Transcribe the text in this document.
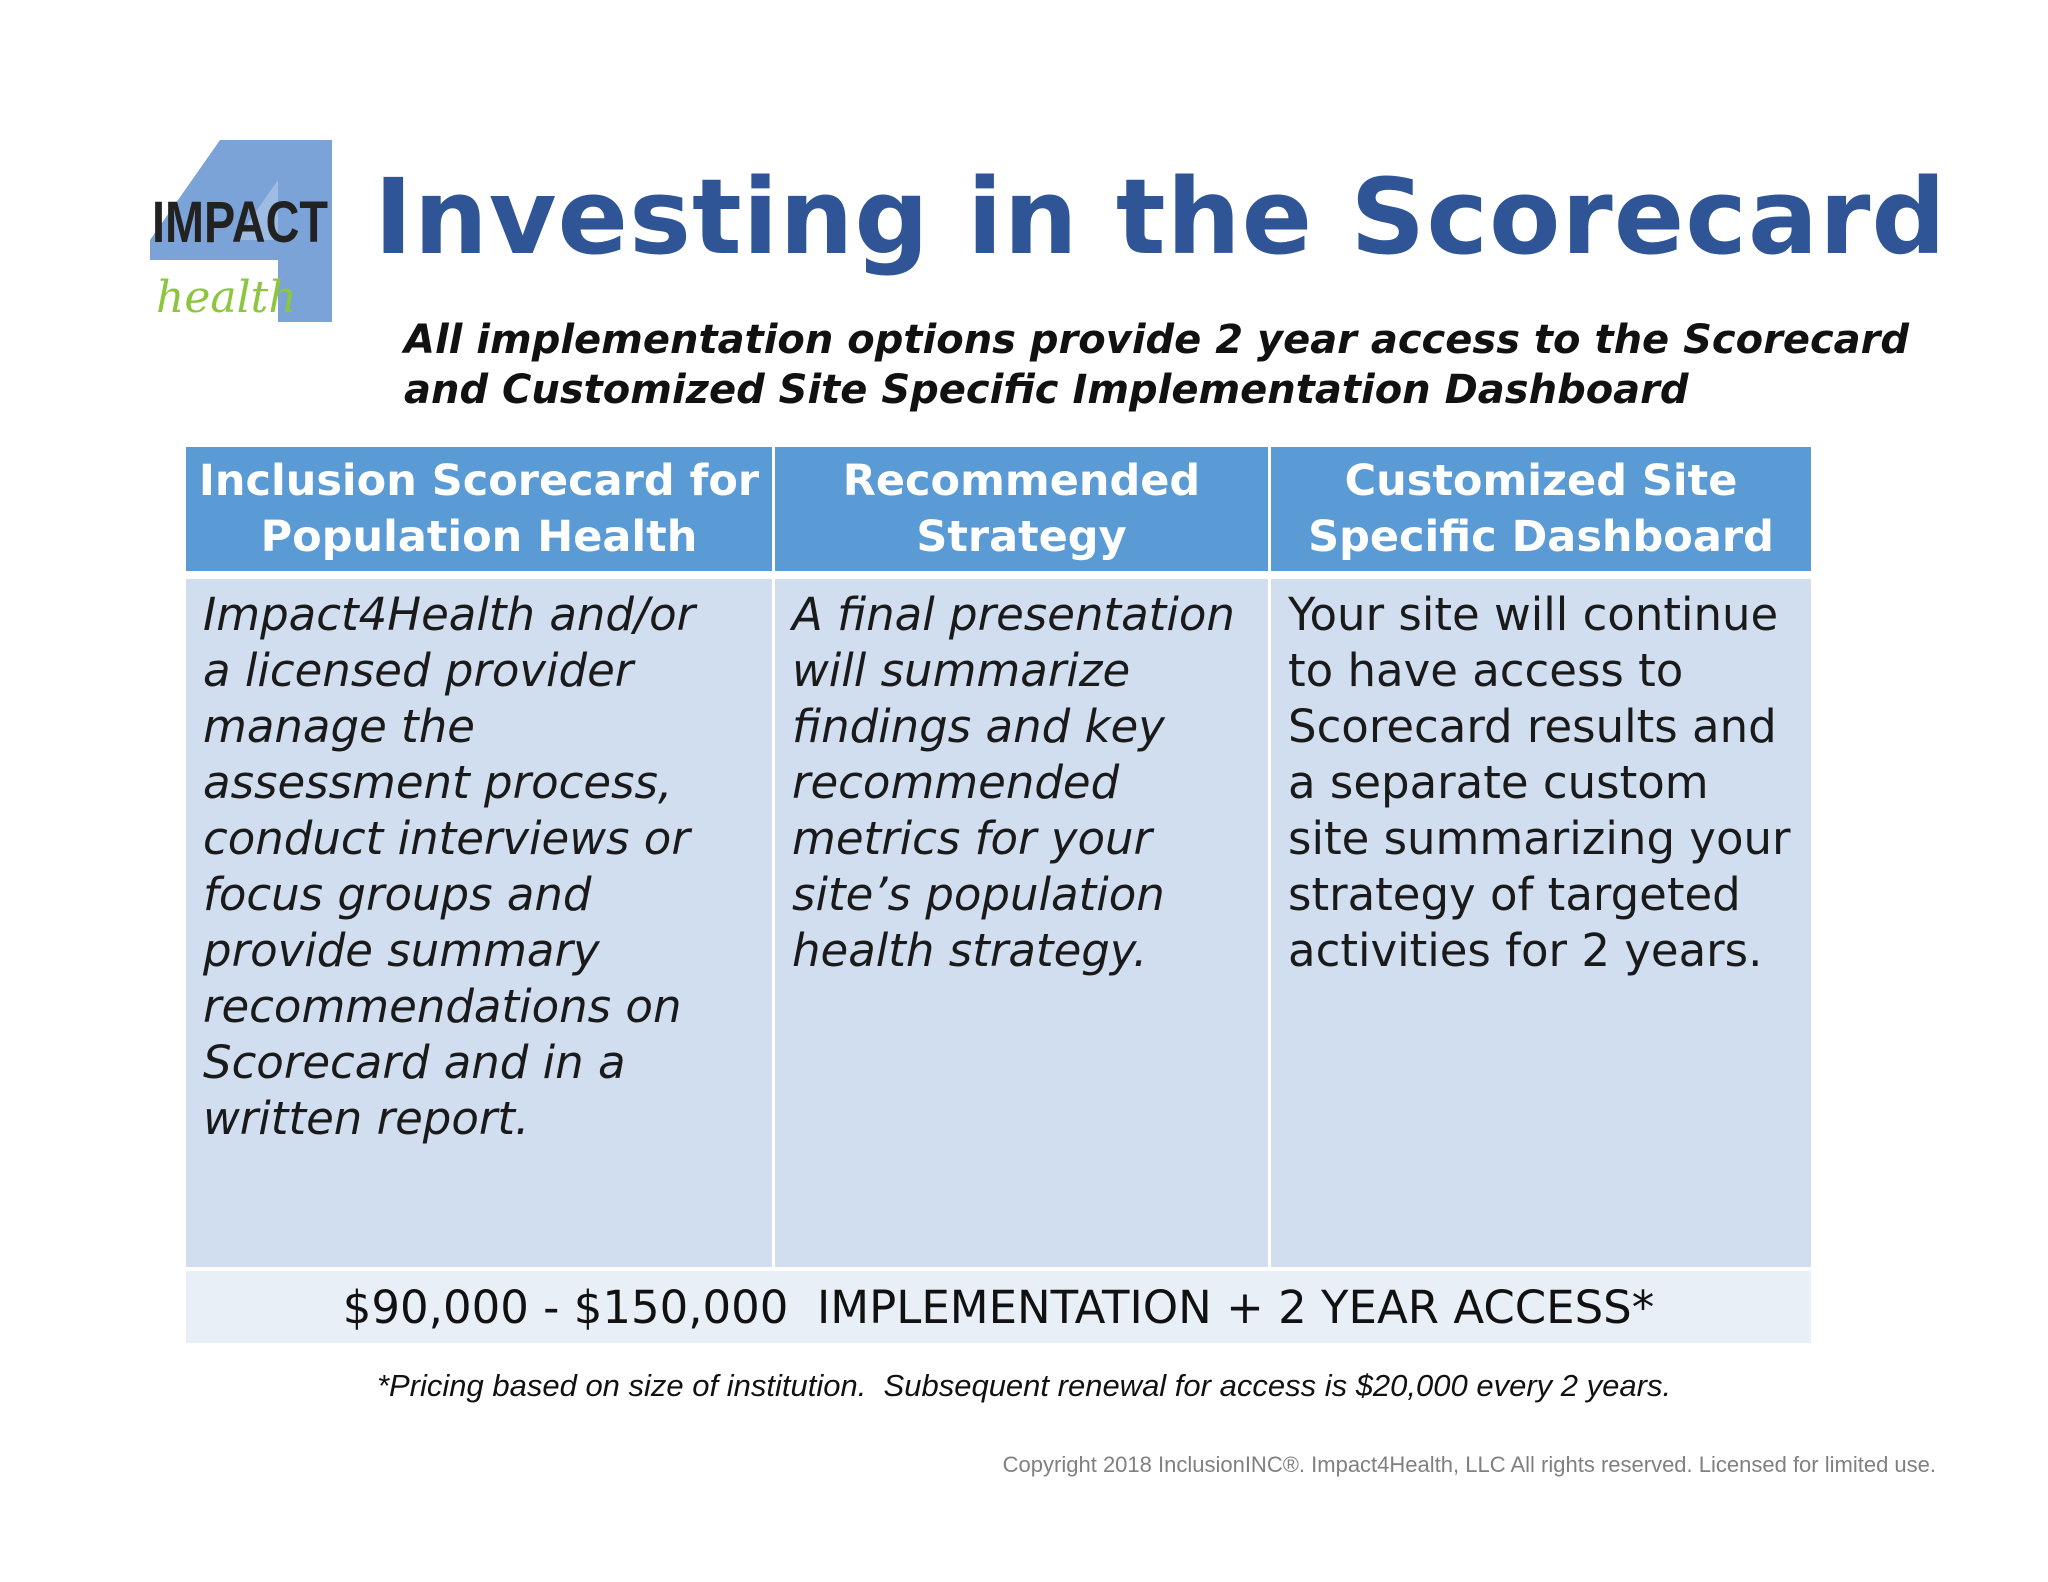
IMPACT
health
Investing in the Scorecard
All implementation options provide 2 year access to the Scorecard
and Customized Site Specific Implementation Dashboard
Inclusion Scorecard for
Population Health
Recommended
Strategy
Customized Site
Specific Dashboard
Impact4Health and/or
a licensed provider
manage the
assessment process,
conduct interviews or
focus groups and
provide summary
recommendations on
Scorecard and in a
written report.
A final presentation
will summarize
findings and key
recommended
metrics for your
site’s population
health strategy.
Your site will continue
to have access to
Scorecard results and
a separate custom
site summarizing your
strategy of targeted
activities for 2 years.
$90,000 - $150,000  IMPLEMENTATION + 2 YEAR ACCESS*
*Pricing based on size of institution.  Subsequent renewal for access is $20,000 every 2 years.
Copyright 2018 InclusionINC®. Impact4Health, LLC All rights reserved. Licensed for limited use.
